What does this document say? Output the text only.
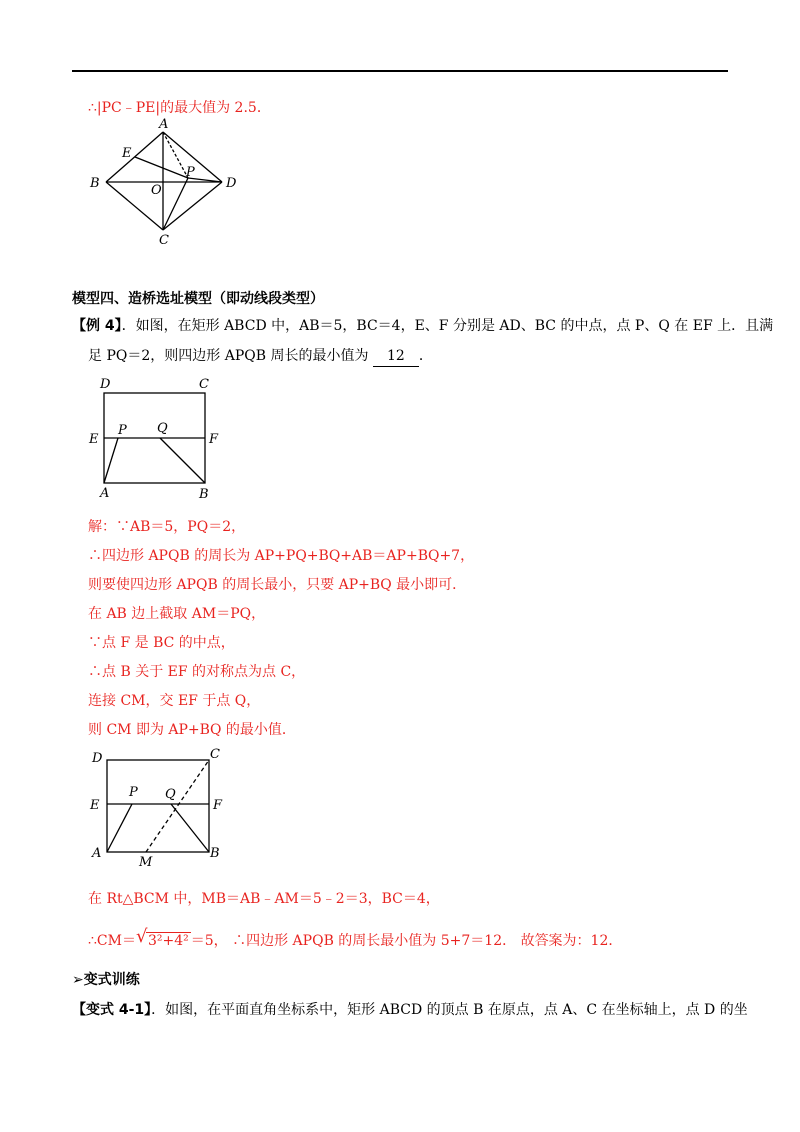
∴|PC﹣PE|的最大值为 2.5．
A
E
B	O
P
D
C
模型四、造桥选址模型（即动线段类型）
【例 4】．如图，在矩形 ABCD 中，AB＝5，BC＝4，E、F 分别是 AD、BC 的中点，点 P、Q 在 EF 上．且满
足 PQ＝2，则四边形 APQB 周长的最小值为 12 ．
D	C
E
P Q
F
A	B
解：∵AB＝5，PQ＝2，
∴四边形 APQB 的周长为 AP+PQ+BQ+AB＝AP+BQ+7，
则要使四边形 APQB 的周长最小，只要 AP+BQ 最小即可．
在 AB 边上截取 AM＝PQ，
∵点 F 是 BC 的中点，
∴点 B 关于 EF 的对称点为点 C，
连接 CM，交 EF 于点 Q，
则 CM 即为 AP+BQ 的最小值．
D	C
E
P Q
F
A
M
B
在 Rt△BCM 中，MB＝AB﹣AM＝5﹣2＝3，BC＝4，
∴CM＝ √ 3²+4² ＝5， ∴四边形 APQB 的周长最小值为 5+7＝12． 故答案为：12．
➢变式训练
【变式 4-1】．如图，在平面直角坐标系中，矩形 ABCD 的顶点 B 在原点，点 A、C 在坐标轴上，点 D 的坐
